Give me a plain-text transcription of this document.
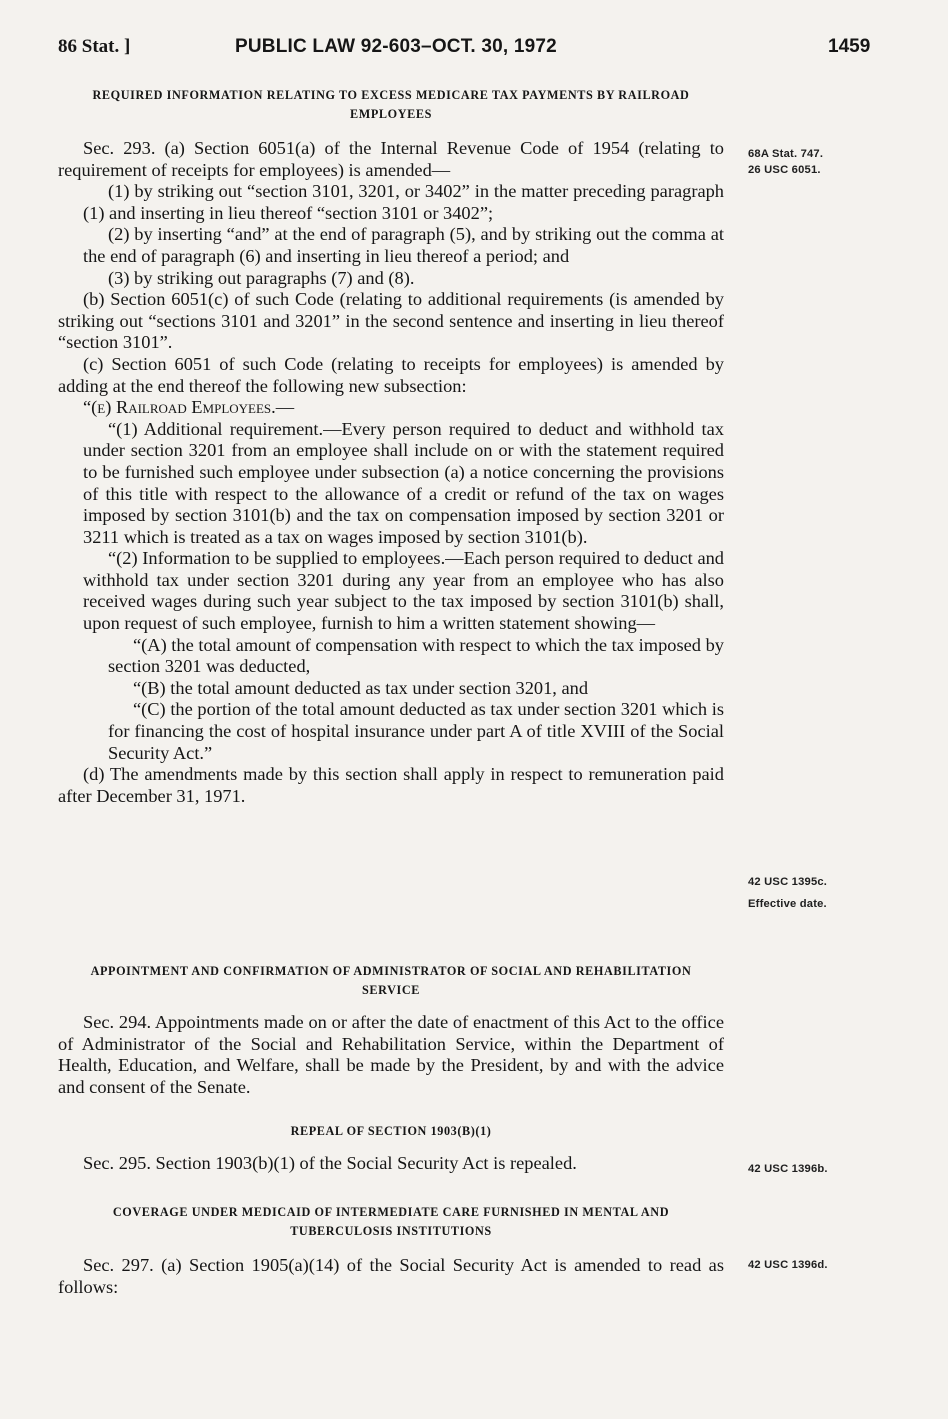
86 Stat. ]	PUBLIC LAW 92-603–OCT. 30, 1972	1459
REQUIRED INFORMATION RELATING TO EXCESS MEDICARE TAX PAYMENTS BY RAILROAD EMPLOYEES

Sec. 293. (a) Section 6051(a) of the Internal Revenue Code of 1954 (relating to requirement of receipts for employees) is amended—

(1) by striking out “section 3101, 3201, or 3402” in the matter preceding paragraph (1) and inserting in lieu thereof “section 3101 or 3402”;

(2) by inserting “and” at the end of paragraph (5), and by striking out the comma at the end of paragraph (6) and inserting in lieu thereof a period; and

(3) by striking out paragraphs (7) and (8).

(b) Section 6051(c) of such Code (relating to additional requirements (is amended by striking out “sections 3101 and 3201” in the second sentence and inserting in lieu thereof “section 3101”.

(c) Section 6051 of such Code (relating to receipts for employees) is amended by adding at the end thereof the following new subsection:

“(e) Railroad Employees.—

“(1) Additional requirement.—Every person required to deduct and withhold tax under section 3201 from an employee shall include on or with the statement required to be furnished such employee under subsection (a) a notice concerning the provisions of this title with respect to the allowance of a credit or refund of the tax on wages imposed by section 3101(b) and the tax on compensation imposed by section 3201 or 3211 which is treated as a tax on wages imposed by section 3101(b).

“(2) Information to be supplied to employees.—Each person required to deduct and withhold tax under section 3201 during any year from an employee who has also received wages during such year subject to the tax imposed by section 3101(b) shall, upon request of such employee, furnish to him a written statement showing—

“(A) the total amount of compensation with respect to which the tax imposed by section 3201 was deducted,

“(B) the total amount deducted as tax under section 3201, and

“(C) the portion of the total amount deducted as tax under section 3201 which is for financing the cost of hospital insurance under part A of title XVIII of the Social Security Act.”

(d) The amendments made by this section shall apply in respect to remuneration paid after December 31, 1971.

APPOINTMENT AND CONFIRMATION OF ADMINISTRATOR OF SOCIAL AND REHABILITATION SERVICE

Sec. 294. Appointments made on or after the date of enactment of this Act to the office of Administrator of the Social and Rehabilitation Service, within the Department of Health, Education, and Welfare, shall be made by the President, by and with the advice and consent of the Senate.

REPEAL OF SECTION 1903(B)(1)

Sec. 295. Section 1903(b)(1) of the Social Security Act is repealed.

COVERAGE UNDER MEDICAID OF INTERMEDIATE CARE FURNISHED IN MENTAL AND TUBERCULOSIS INSTITUTIONS

Sec. 297. (a) Section 1905(a)(14) of the Social Security Act is amended to read as follows:

68A Stat. 747.
26 USC 6051.
42 USC 1395c.
Effective date.
42 USC 1396b.
42 USC 1396d.
